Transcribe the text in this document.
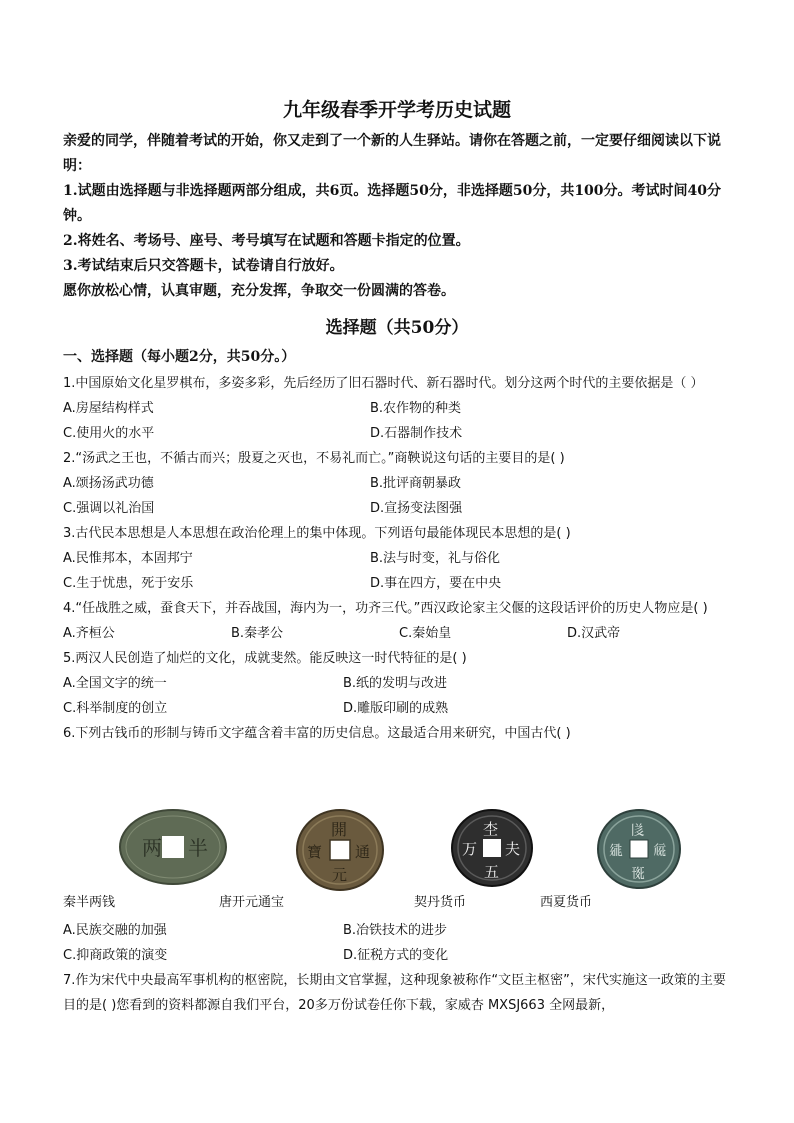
九年级春季开学考历史试题

亲爱的同学，伴随着考试的开始，你又走到了一个新的人生驿站。请你在答题之前，一定要仔细阅读以下说明：

1.试题由选择题与非选择题两部分组成，共6页。选择题50分，非选择题50分，共100分。考试时间40分钟。

2.将姓名、考场号、座号、考号填写在试题和答题卡指定的位置。

3.考试结束后只交答题卡，试卷请自行放好。

愿你放松心情，认真审题，充分发挥，争取交一份圆满的答卷。

选择题（共50分）
一、选择题（每小题2分，共50分。）

1.中国原始文化星罗棋布，多姿多彩，先后经历了旧石器时代、新石器时代。划分这两个时代的主要依据是（ ）

A.房屋结构样式	B.农作物的种类
C.使用火的水平	D.石器制作技术

2.“汤武之王也，不循古而兴；殷夏之灭也，不易礼而亡。”商鞅说这句话的主要目的是( )

A.颂扬汤武功德	B.批评商朝暴政
C.强调以礼治国	D.宣扬变法图强

3.古代民本思想是人本思想在政治伦理上的集中体现。下列语句最能体现民本思想的是( )

A.民惟邦本，本固邦宁	B.法与时变，礼与俗化
C.生于忧患，死于安乐	D.事在四方，要在中央

4.“任战胜之威，蚕食天下，并吞战国，海内为一，功齐三代。”西汉政论家主父偃的这段话评价的历史人物应是( )

A.齐桓公	B.秦孝公	C.秦始皇	D.汉武帝

5.两汉人民创造了灿烂的文化，成就斐然。能反映这一时代特征的是( )

A.全国文字的统一	B.纸的发明与改进
C.科举制度的创立	D.雕版印刷的成熟

6.下列古钱币的形制与铸币文字蕴含着丰富的历史信息。这最适合用来研究，中国古代( )

两 半
開
元
寶 通
杢
五
万 夫
𗁅
𗍊
𗧓 𗏁
秦半两钱	唐开元通宝	契丹货币	西夏货币
A.民族交融的加强	B.冶铁技术的进步
C.抑商政策的演变	D.征税方式的变化

7.作为宋代中央最高军事机构的枢密院，长期由文官掌握，这种现象被称作“文臣主枢密”，宋代实施这一政策的主要目的是( )您看到的资料都源自我们平台，20多万份试卷任你下载，家威杏 MXSJ663 全网最新，
